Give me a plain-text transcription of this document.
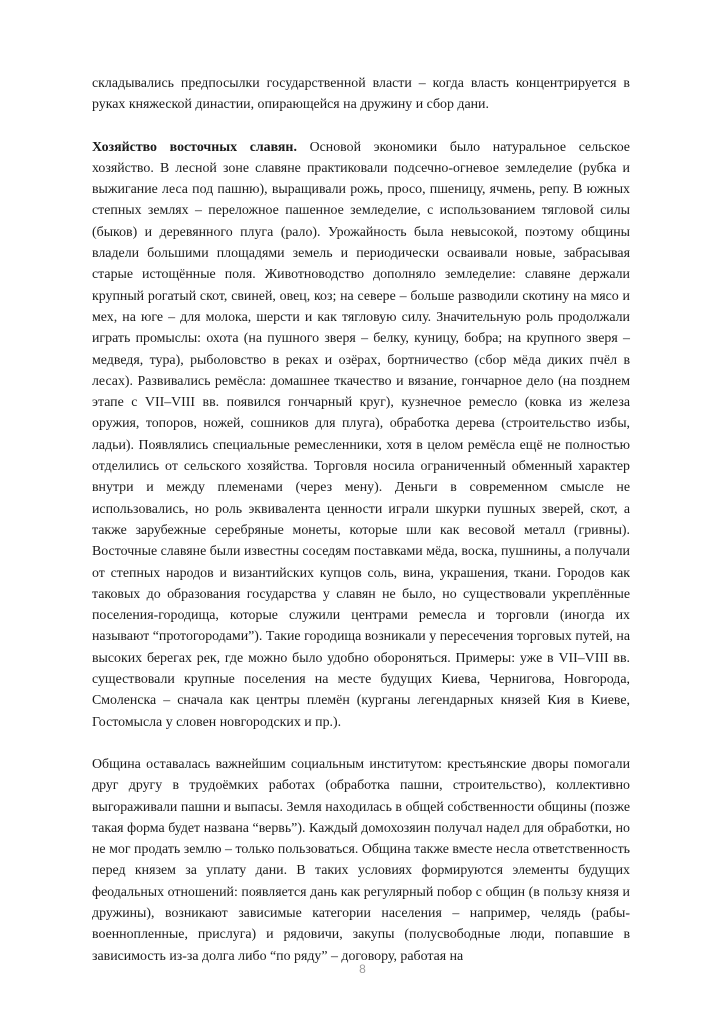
складывались предпосылки государственной власти – когда власть концентрируется в руках княжеской династии, опирающейся на дружину и сбор дани.

Хозяйство восточных славян. Основой экономики было натуральное сельское хозяйство. В лесной зоне славяне практиковали подсечно-огневое земледелие (рубка и выжигание леса под пашню), выращивали рожь, просо, пшеницу, ячмень, репу. В южных степных землях – переложное пашенное земледелие, с использованием тягловой силы (быков) и деревянного плуга (рало). Урожайность была невысокой, поэтому общины владели большими площадями земель и периодически осваивали новые, забрасывая старые истощённые поля. Животноводство дополняло земледелие: славяне держали крупный рогатый скот, свиней, овец, коз; на севере – больше разводили скотину на мясо и мех, на юге – для молока, шерсти и как тягловую силу. Значительную роль продолжали играть промыслы: охота (на пушного зверя – белку, куницу, бобра; на крупного зверя – медведя, тура), рыболовство в реках и озёрах, бортничество (сбор мёда диких пчёл в лесах). Развивались ремёсла: домашнее ткачество и вязание, гончарное дело (на позднем этапе с VII–VIII вв. появился гончарный круг), кузнечное ремесло (ковка из железа оружия, топоров, ножей, сошников для плуга), обработка дерева (строительство избы, ладьи). Появлялись специальные ремесленники, хотя в целом ремёсла ещё не полностью отделились от сельского хозяйства. Торговля носила ограниченный обменный характер внутри и между племенами (через мену). Деньги в современном смысле не использовались, но роль эквивалента ценности играли шкурки пушных зверей, скот, а также зарубежные серебряные монеты, которые шли как весовой металл (гривны). Восточные славяне были известны соседям поставками мёда, воска, пушнины, а получали от степных народов и византийских купцов соль, вина, украшения, ткани. Городов как таковых до образования государства у славян не было, но существовали укреплённые поселения-городища, которые служили центрами ремесла и торговли (иногда их называют “протогородами”). Такие городища возникали у пересечения торговых путей, на высоких берегах рек, где можно было удобно обороняться. Примеры: уже в VII–VIII вв. существовали крупные поселения на месте будущих Киева, Чернигова, Новгорода, Смоленска – сначала как центры племён (курганы легендарных князей Кия в Киеве, Гостомысла у словен новгородских и пр.).

Община оставалась важнейшим социальным институтом: крестьянские дворы помогали друг другу в трудоёмких работах (обработка пашни, строительство), коллективно выгораживали пашни и выпасы. Земля находилась в общей собственности общины (позже такая форма будет названа “вервь”). Каждый домохозяин получал надел для обработки, но не мог продать землю – только пользоваться. Община также вместе несла ответственность перед князем за уплату дани. В таких условиях формируются элементы будущих феодальных отношений: появляется дань как регулярный побор с общин (в пользу князя и дружины), возникают зависимые категории населения – например, челядь (рабы-военнопленные, прислуга) и рядовичи, закупы (полусвободные люди, попавшие в зависимость из-за долга либо “по ряду” – договору, работая на

8
